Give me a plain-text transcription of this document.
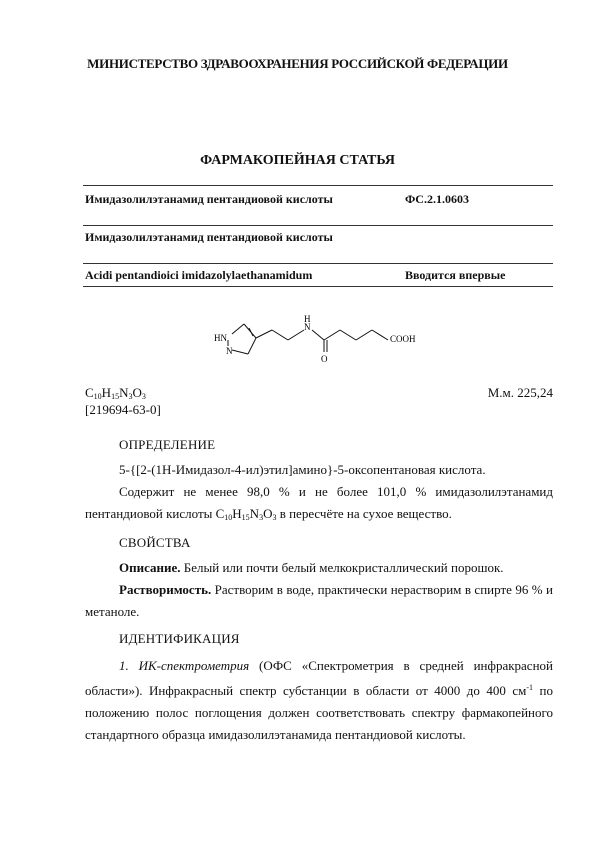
МИНИСТЕРСТВО ЗДРАВООХРАНЕНИЯ РОССИЙСКОЙ ФЕДЕРАЦИИ
ФАРМАКОПЕЙНАЯ СТАТЬЯ
Имидазолилэтанамид пентандиовой кислоты	ФС.2.1.0603
Имидазолилэтанамид пентандиовой кислоты
Acidi pentandioici imidazolylaethanamidum	Вводится впервые
HN
N
N
H
O
COOH
$C_{10}H_{15}N_3O_3$	М.м. 225,24
[219694-63-0]
ОПРЕДЕЛЕНИЕ

5-{[2-(1Н-Имидазол-4-ил)этил]амино}-5-оксопентановая кислота.

Содержит не менее 98,0 % и не более 101,0 % имидазолилэтанамид пентандиовой кислоты $C_{10}H_{15}N_3O_3$ в пересчёте на сухое вещество.

СВОЙСТВА

Описание. Белый или почти белый мелкокристаллический порошок.

Растворимость. Растворим в воде, практически нерастворим в спирте 96 % и метаноле.

ИДЕНТИФИКАЦИЯ

1. ИК-спектрометрия (ОФС «Спектрометрия в средней инфракрасной области»). Инфракрасный спектр субстанции в области от 4000 до 400 $см^{-1}$ по положению полос поглощения должен соответствовать спектру фармакопейного стандартного образца имидазолилэтанамида пентандиовой кислоты.
